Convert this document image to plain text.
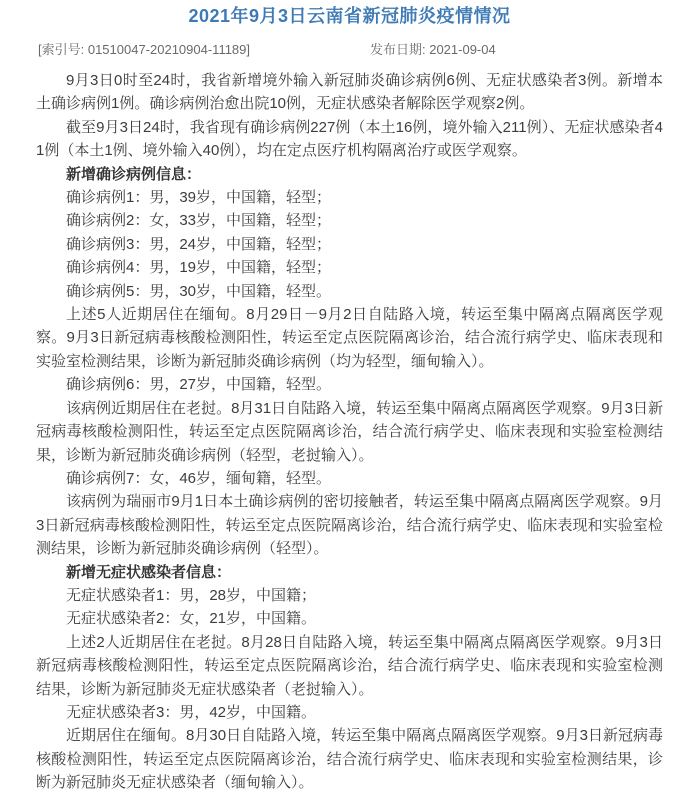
2021年9月3日云南省新冠肺炎疫情情况
[索引号: 01510047-20210904-11189]	发布日期: 2021-09-04

9月3日0时至24时，我省新增境外输入新冠肺炎确诊病例6例、无症状感染者3例。新增本土确诊病例1例。确诊病例治愈出院10例，无症状感染者解除医学观察2例。

截至9月3日24时，我省现有确诊病例227例（本土16例，境外输入211例）、无症状感染者41例（本土1例、境外输入40例），均在定点医疗机构隔离治疗或医学观察。

新增确诊病例信息：

确诊病例1：男，39岁，中国籍，轻型；

确诊病例2：女，33岁，中国籍，轻型；

确诊病例3：男，24岁，中国籍，轻型；

确诊病例4：男，19岁，中国籍，轻型；

确诊病例5：男，30岁，中国籍，轻型。

上述5人近期居住在缅甸。8月29日－9月2日自陆路入境，转运至集中隔离点隔离医学观察。9月3日新冠病毒核酸检测阳性，转运至定点医院隔离诊治，结合流行病学史、临床表现和实验室检测结果，诊断为新冠肺炎确诊病例（均为轻型，缅甸输入）。

确诊病例6：男，27岁，中国籍，轻型。

该病例近期居住在老挝。8月31日自陆路入境，转运至集中隔离点隔离医学观察。9月3日新冠病毒核酸检测阳性，转运至定点医院隔离诊治，结合流行病学史、临床表现和实验室检测结果，诊断为新冠肺炎确诊病例（轻型，老挝输入）。

确诊病例7：女，46岁，缅甸籍，轻型。

该病例为瑞丽市9月1日本土确诊病例的密切接触者，转运至集中隔离点隔离医学观察。9月3日新冠病毒核酸检测阳性，转运至定点医院隔离诊治，结合流行病学史、临床表现和实验室检测结果，诊断为新冠肺炎确诊病例（轻型）。

新增无症状感染者信息：

无症状感染者1：男，28岁，中国籍；

无症状感染者2：女，21岁，中国籍。

上述2人近期居住在老挝。8月28日自陆路入境，转运至集中隔离点隔离医学观察。9月3日新冠病毒核酸检测阳性，转运至定点医院隔离诊治，结合流行病学史、临床表现和实验室检测结果，诊断为新冠肺炎无症状感染者（老挝输入）。

无症状感染者3：男，42岁，中国籍。

近期居住在缅甸。8月30日自陆路入境，转运至集中隔离点隔离医学观察。9月3日新冠病毒核酸检测阳性，转运至定点医院隔离诊治，结合流行病学史、临床表现和实验室检测结果，诊断为新冠肺炎无症状感染者（缅甸输入）。
